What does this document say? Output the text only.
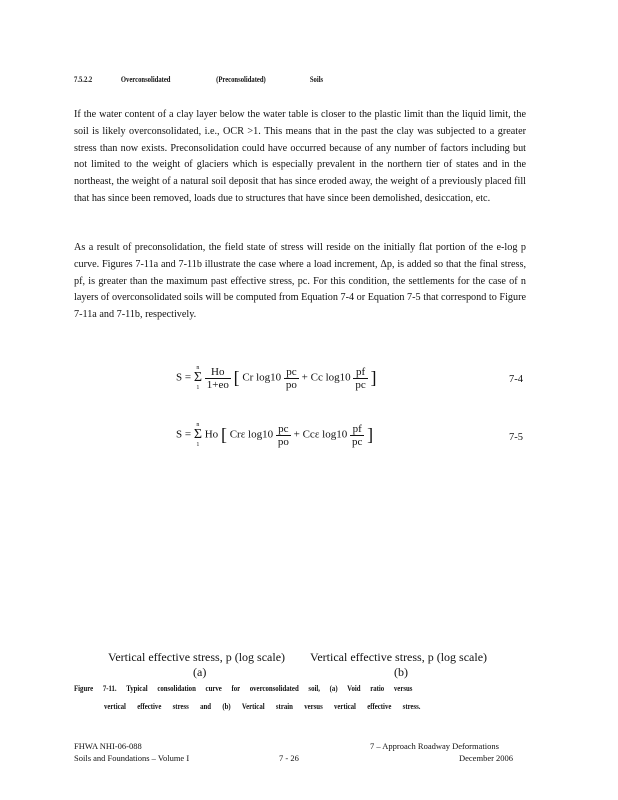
7.5.2.2	Overconsolidated	(Preconsolidated)	Soils

If the water content of a clay layer below the water table is closer to the plastic limit than the liquid limit, the soil is likely overconsolidated, i.e., OCR >1. This means that in the past the clay was subjected to a greater stress than now exists. Preconsolidation could have occurred because of any number of factors including but not limited to the weight of glaciers which is especially prevalent in the northern tier of states and in the northeast, the weight of a natural soil deposit that has since eroded away, the weight of a previously placed fill that has since been removed, loads due to structures that have since been demolished, desiccation, etc.

As a result of preconsolidation, the field state of stress will reside on the initially flat portion of the e-log p curve. Figures 7-11a and 7-11b illustrate the case where a load increment, Δp, is added so that the final stress, pf, is greater than the maximum past effective stress, pc. For this condition, the settlements for the case of n layers of overconsolidated soils will be computed from Equation 7-4 or Equation 7-5 that correspond to Figure 7-11a and 7-11b, respectively.

S =
n
Σ
1
$\frac{Ho}{1+eo}$ [ Cr $\log 10 \frac{pc}{po} + Cc$ $\log 10 \frac{pf}{pc}$ ]	7-4
S =
n
Σ
1
Ho [ Crε $\log 10 \frac{pc}{po} + Cc\varepsilon$ $\log 10 \frac{pf}{pc}$ ]	7-5
Vertical effective stress, p (log scale) Vertical effective stress, p (log scale)
(a)	(b)
Figure 7-11. Typical consolidation curve for overconsolidated soil, (a) Void ratio versus
vertical effective stress and (b) Vertical strain versus vertical effective stress.
FHWA NHI-06-088
Soils and Foundations – Volume I	7 - 26
7 – Approach Roadway Deformations
December 2006
